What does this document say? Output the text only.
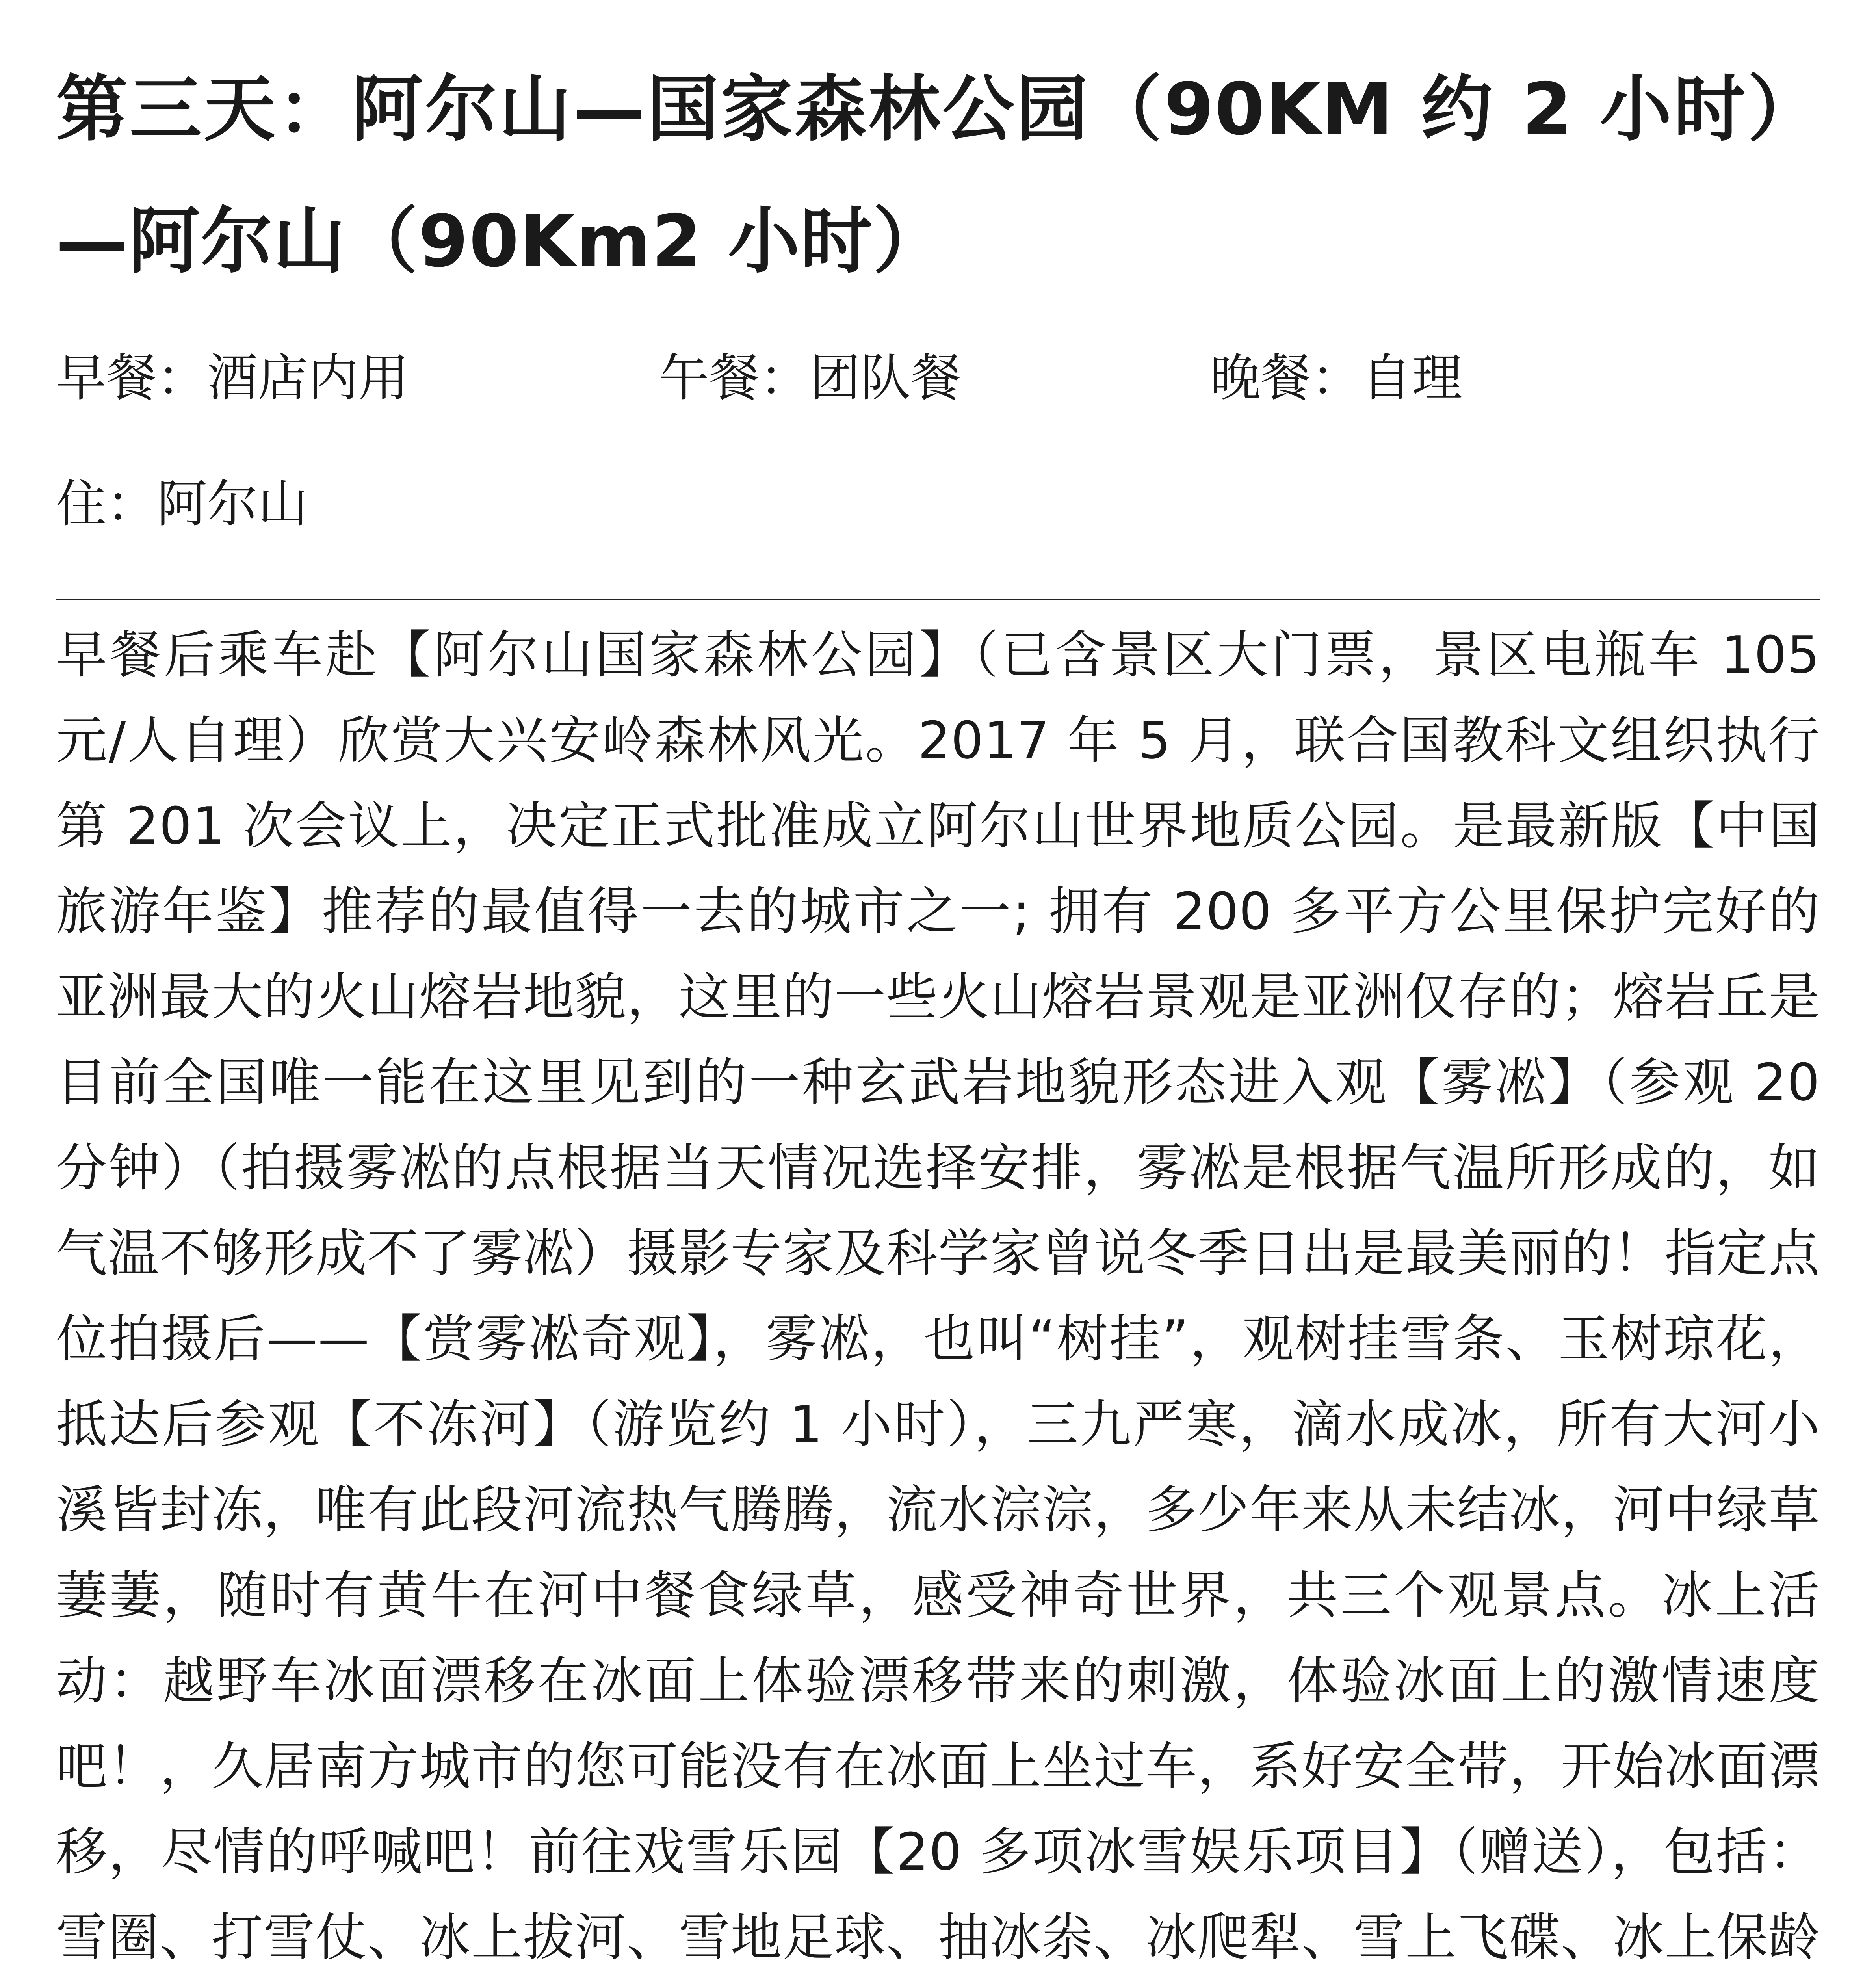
第三天：阿尔山—国家森林公园（90KM 约 2 小时）—阿尔山（90Km2 小时）
早餐：酒店内用	午餐：团队餐	晚餐：自理
住：阿尔山

早餐后乘车赴【阿尔山国家森林公园】（已含景区大门票，景区电瓶车 105 元/人自理）欣赏大兴安岭森林风光。2017 年 5 月，联合国教科文组织执行第 201 次会议上，决定正式批准成立阿尔山世界地质公园。是最新版【中国旅游年鉴】推荐的最值得一去的城市之一; 拥有 200 多平方公里保护完好的亚洲最大的火山熔岩地貌，这里的一些火山熔岩景观是亚洲仅存的；熔岩丘是目前全国唯一能在这里见到的一种玄武岩地貌形态进入观【雾凇】（参观 20 分钟）（拍摄雾凇的点根据当天情况选择安排，雾凇是根据气温所形成的，如气温不够形成不了雾凇）摄影专家及科学家曾说冬季日出是最美丽的！指定点位拍摄后——【赏雾凇奇观】，雾凇，也叫“树挂”，观树挂雪条、玉树琼花，抵达后参观【不冻河】（游览约 1 小时），三九严寒，滴水成冰，所有大河小溪皆封冻，唯有此段河流热气腾腾，流水淙淙，多少年来从未结冰，河中绿草萋萋，随时有黄牛在河中餐食绿草，感受神奇世界，共三个观景点。冰上活动：越野车冰面漂移在冰面上体验漂移带来的刺激，体验冰面上的激情速度吧！，久居南方城市的您可能没有在冰面上坐过车，系好安全带，开始冰面漂移，尽情的呼喊吧！前往戏雪乐园【20 多项冰雪娱乐项目】（赠送），包括：雪圈、打雪仗、冰上拔河、雪地足球、抽冰尜、冰爬犁、雪上飞碟、冰上保龄
